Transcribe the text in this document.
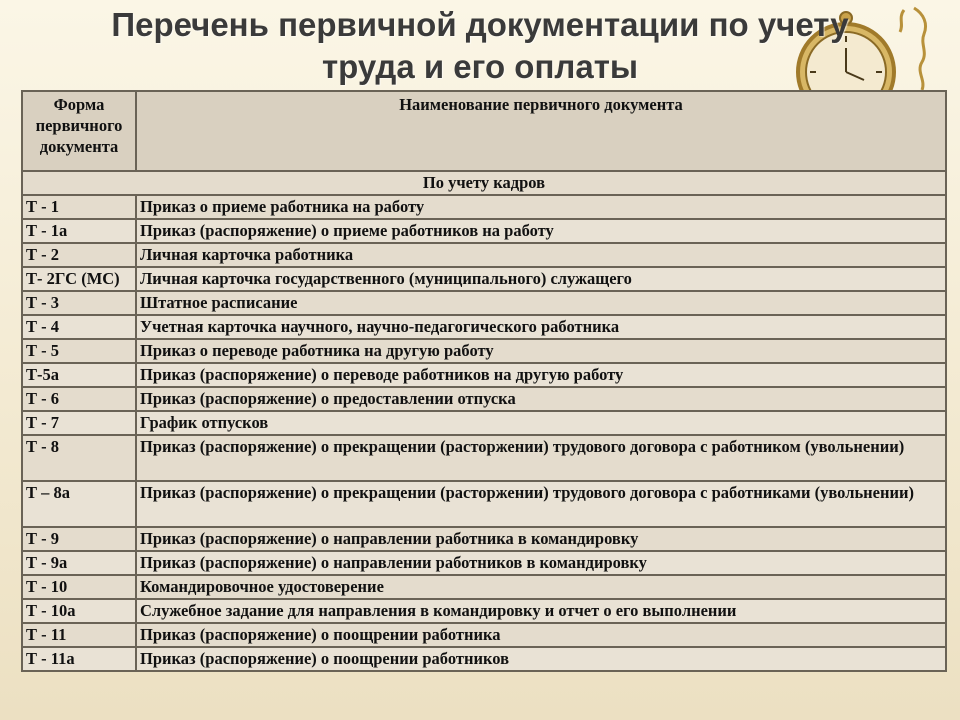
Перечень первичной документации по учету
труда и его оплаты
Форма первичного документа	Наименование первичного документа
По учету кадров	
Т - 1	Приказ о приеме работника на работу
Т - 1а	Приказ (распоряжение) о приеме работников на работу
Т - 2	Личная карточка работника
Т- 2ГС (МС)	Личная карточка государственного (муниципального) служащего
Т - 3	Штатное расписание
Т - 4	Учетная карточка научного, научно-педагогического работника
Т - 5	Приказ о переводе работника на другую работу
Т-5а	Приказ (распоряжение) о переводе работников на другую работу
Т - 6	Приказ (распоряжение) о предоставлении отпуска
Т - 7	График отпусков
Т - 8	Приказ (распоряжение) о прекращении (расторжении) трудового договора с работником (увольнении)
Т – 8а	Приказ (распоряжение) о прекращении (расторжении) трудового договора с работниками (увольнении)
Т - 9	Приказ (распоряжение) о направлении работника в командировку
Т - 9а	Приказ (распоряжение) о направлении работников в командировку
Т - 10	Командировочное удостоверение
Т - 10а	Служебное задание для направления в командировку и отчет о его выполнении
Т - 11	Приказ (распоряжение) о поощрении работника
Т - 11а	Приказ (распоряжение) о поощрении работников
